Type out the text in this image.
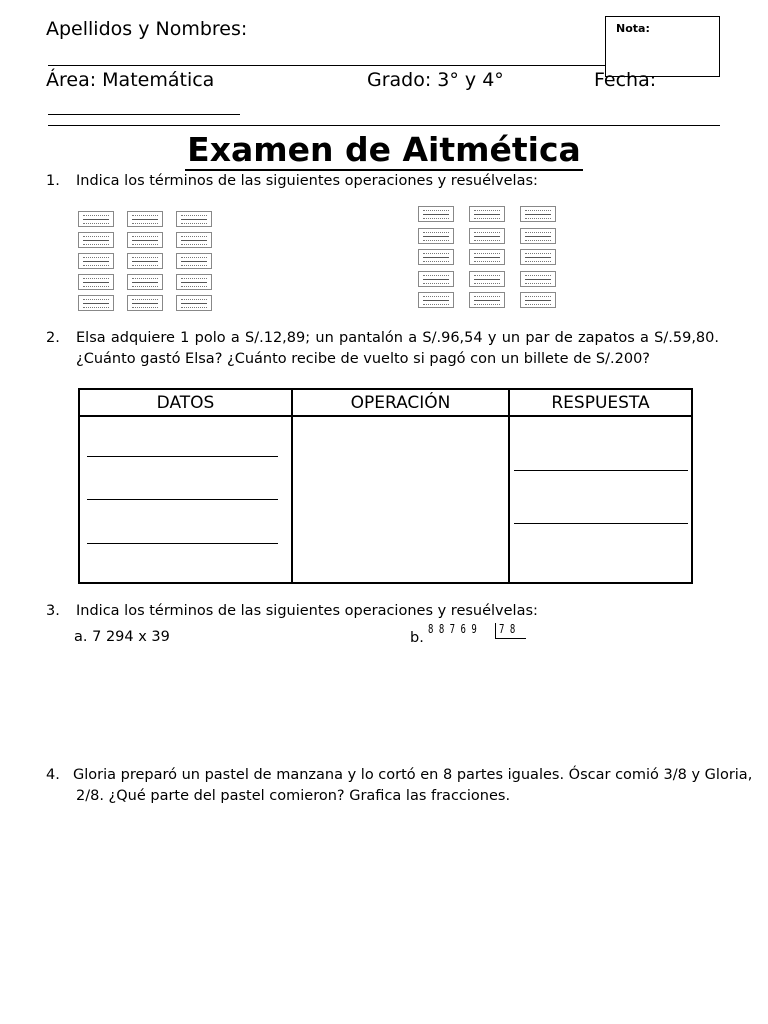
Apellidos y Nombres:	Nota:
Área: Matemática	Grado: 3° y 4°	Fecha:
Examen de Aitmética
1. Indica los términos de las siguientes operaciones y resuélvelas:
2. Elsa adquiere 1 polo a S/.12,89; un pantalón a S/.96,54 y un par de zapatos a S/.59,80.
¿Cuánto gastó Elsa? ¿Cuánto recibe de vuelto si pagó con un billete de S/.200?
DATOS	OPERACIÓN	RESPUESTA

3. Indica los términos de las siguientes operaciones y resuélvelas:
a. 7 294 x 39	b.
8 8 7 6 9 7 8
4. Gloria preparó un pastel de manzana y lo cortó en 8 partes iguales. Óscar comió 3/8 y Gloria,
2/8. ¿Qué parte del pastel comieron? Grafica las fracciones.
